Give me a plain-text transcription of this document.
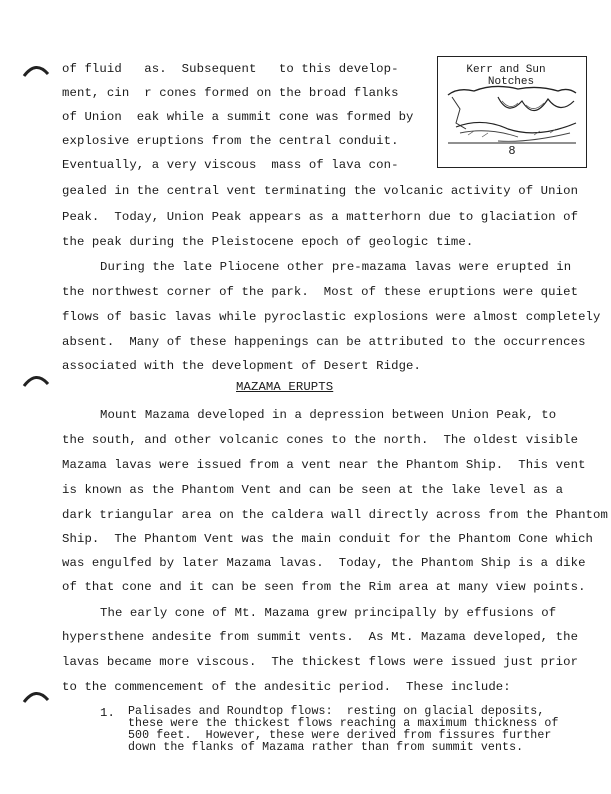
Kerr and Sun
Notches
8
of fluid   as.  Subsequent   to this develop-
ment, cin  r cones formed on the broad flanks
of Union  eak while a summit cone was formed by
explosive eruptions from the central conduit.
Eventually, a very viscous  mass of lava con-
gealed in the central vent terminating the volcanic activity of Union
Peak.  Today, Union Peak appears as a matterhorn due to glaciation of
the peak during the Pleistocene epoch of geologic time.
During the late Pliocene other pre-mazama lavas were erupted in
the northwest corner of the park.  Most of these eruptions were quiet
flows of basic lavas while pyroclastic explosions were almost completely
absent.  Many of these happenings can be attributed to the occurrences
associated with the development of Desert Ridge.
MAZAMA ERUPTS
Mount Mazama developed in a depression between Union Peak, to
the south, and other volcanic cones to the north.  The oldest visible
Mazama lavas were issued from a vent near the Phantom Ship.  This vent
is known as the Phantom Vent and can be seen at the lake level as a
dark triangular area on the caldera wall directly across from the Phantom
Ship.  The Phantom Vent was the main conduit for the Phantom Cone which
was engulfed by later Mazama lavas.  Today, the Phantom Ship is a dike
of that cone and it can be seen from the Rim area at many view points.
The early cone of Mt. Mazama grew principally by effusions of
hypersthene andesite from summit vents.  As Mt. Mazama developed, the
lavas became more viscous.  The thickest flows were issued just prior
to the commencement of the andesitic period.  These include:
1. Palisades and Roundtop flows:  resting on glacial deposits,
these were the thickest flows reaching a maximum thickness of
500 feet.  However, these were derived from fissures further
down the flanks of Mazama rather than from summit vents.
